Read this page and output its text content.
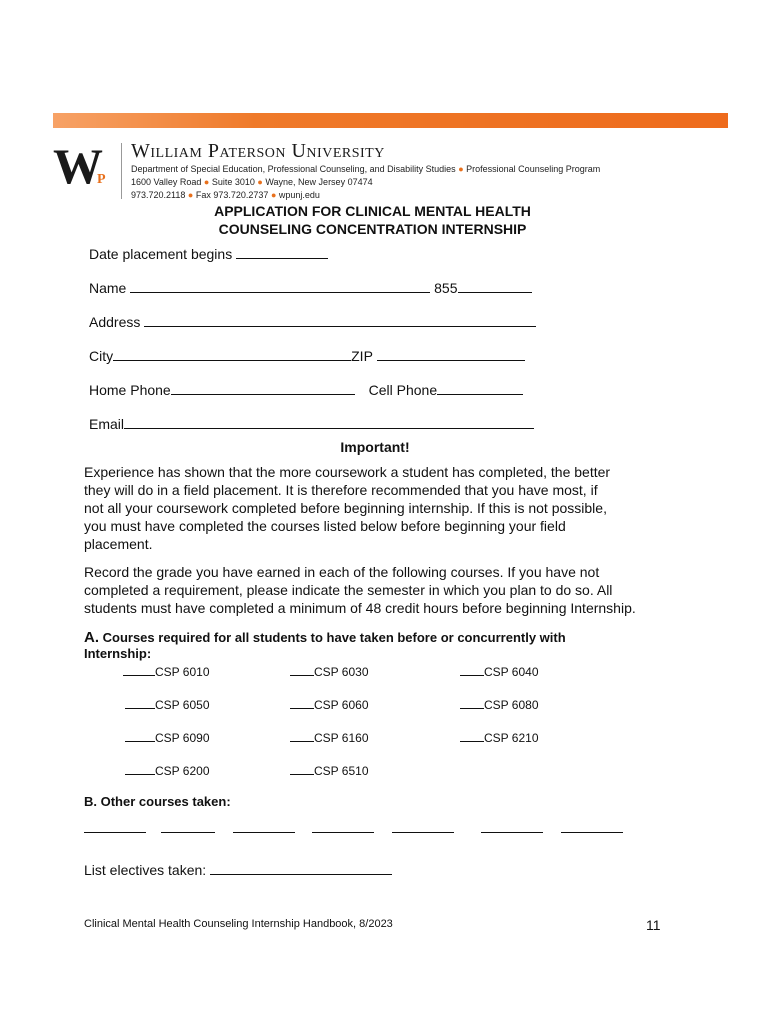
WP
William Paterson University
Department of Special Education, Professional Counseling, and Disability Studies ● Professional Counseling Program
1600 Valley Road ● Suite 3010 ● Wayne, New Jersey 07474
973.720.2118 ● Fax 973.720.2737 ● wpunj.edu
APPLICATION FOR CLINICAL MENTAL HEALTH
COUNSELING CONCENTRATION INTERNSHIP
Date placement begins
Name	855
Address
City	ZIP
Home Phone	Cell Phone
Email
Important!
Experience has shown that the more coursework a student has completed, the better
they will do in a field placement. It is therefore recommended that you have most, if
not all your coursework completed before beginning internship. If this is not possible,
you must have completed the courses listed below before beginning your field
placement.
Record the grade you have earned in each of the following courses. If you have not
completed a requirement, please indicate the semester in which you plan to do so. All
students must have completed a minimum of 48 credit hours before beginning Internship.
A. Courses required for all students to have taken before or concurrently with
Internship:
CSP 6010	CSP 6030	CSP 6040
CSP 6050	CSP 6060	CSP 6080
CSP 6090	CSP 6160	CSP 6210
CSP 6200	CSP 6510
B. Other courses taken:
List electives taken:
Clinical Mental Health Counseling Internship Handbook, 8/2023	11
